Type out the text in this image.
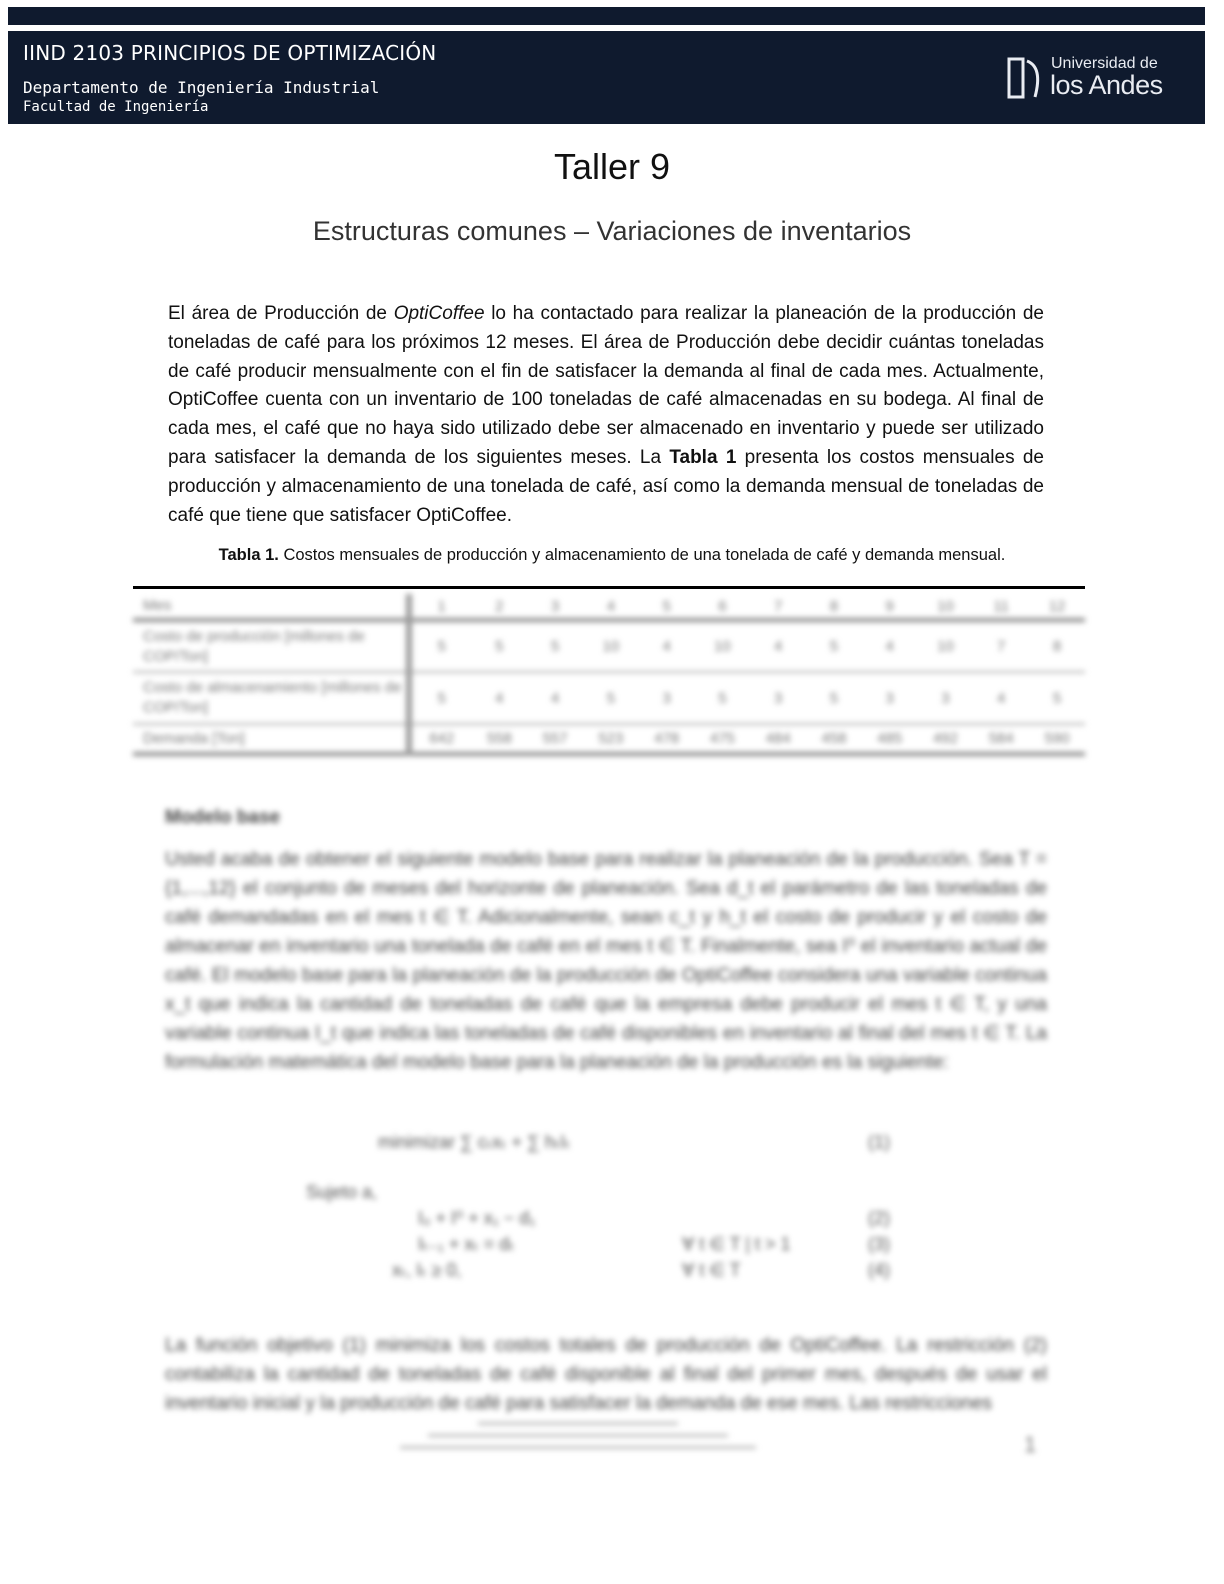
IIND 2103 PRINCIPIOS DE OPTIMIZACIÓN
Departamento de Ingeniería Industrial
Facultad de Ingeniería
Universidad de
los Andes
Taller 9
Estructuras comunes – Variaciones de inventarios

El área de Producción de OptiCoffee lo ha contactado para realizar la planeación de la producción de toneladas de café para los próximos 12 meses. El área de Producción debe decidir cuántas toneladas de café producir mensualmente con el fin de satisfacer la demanda al final de cada mes. Actualmente, OptiCoffee cuenta con un inventario de 100 toneladas de café almacenadas en su bodega. Al final de cada mes, el café que no haya sido utilizado debe ser almacenado en inventario y puede ser utilizado para satisfacer la demanda de los siguientes meses. La Tabla 1 presenta los costos mensuales de producción y almacenamiento de una tonelada de café, así como la demanda mensual de toneladas de café que tiene que satisfacer OptiCoffee.

Tabla 1. Costos mensuales de producción y almacenamiento de una tonelada de café y demanda mensual.
Mes	1	2	3	4	5	6	7	8	9	10	11	12
Costo de producción [millones de COP/Ton]	5	5	5	10	4	10	4	5	4	10	7	8
Costo de almacenamiento [millones de COP/Ton]	5	4	4	5	3	5	3	5	3	3	4	5
Demanda [Ton]	642	558	557	523	478	475	484	458	485	492	584	590
Modelo base

Usted acaba de obtener el siguiente modelo base para realizar la planeación de la producción. Sea T = {1,...,12} el conjunto de meses del horizonte de planeación. Sea d_t el parámetro de las toneladas de café demandadas en el mes t ∈ T. Adicionalmente, sean c_t y h_t el costo de producir y el costo de almacenar en inventario una tonelada de café en el mes t ∈ T. Finalmente, sea I⁰ el inventario actual de café. El modelo base para la planeación de la producción de OptiCoffee considera una variable continua x_t que indica la cantidad de toneladas de café que la empresa debe producir el mes t ∈ T, y una variable continua I_t que indica las toneladas de café disponibles en inventario al final del mes t ∈ T. La formulación matemática del modelo base para la planeación de la producción es la siguiente:

minimizar ∑ cₜxₜ + ∑ hₜIₜ	(1)
Sujeto a,
I₀ + I⁰ + x₁ − d₁	(2)
Iₜ₋₁ + xₜ = dₜ	∀ t ∈ T | t > 1	(3)
xₜ, Iₜ ≥ 0,	∀ t ∈ T	(4)

La función objetivo (1) minimiza los costos totales de producción de OptiCoffee. La restricción (2) contabiliza la cantidad de toneladas de café disponible al final del primer mes, después de usar el inventario inicial y la producción de café para satisfacer la demanda de ese mes. Las restricciones

1
